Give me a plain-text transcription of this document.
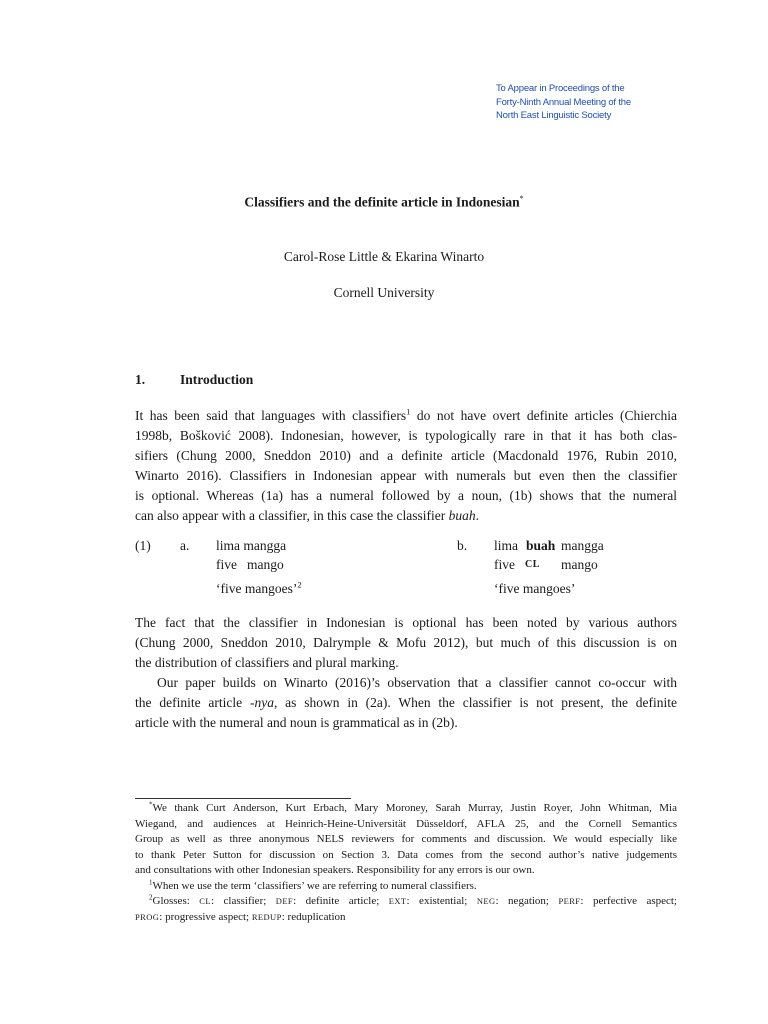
To Appear in Proceedings of the
Forty-Ninth Annual Meeting of the
North East Linguistic Society
Classifiers and the definite article in Indonesian*
Carol-Rose Little & Ekarina Winarto
Cornell University
1.	Introduction
It has been said that languages with classifiers$^1$ do not have overt definite articles (Chierchia
1998b, Bošković 2008). Indonesian, however, is typologically rare in that it has both clas-
sifiers (Chung 2000, Sneddon 2010) and a definite article (Macdonald 1976, Rubin 2010,
Winarto 2016). Classifiers in Indonesian appear with numerals but even then the classifier
is optional. Whereas (1a) has a numeral followed by a noun, (1b) shows that the numeral
can also appear with a classifier, in this case the classifier buah.
(1) a. lima mangga
five mango
‘five mangoes’$^2$
b. lima buah mangga
five CL mango
‘five mangoes’
The fact that the classifier in Indonesian is optional has been noted by various authors
(Chung 2000, Sneddon 2010, Dalrymple & Mofu 2012), but much of this discussion is on
the distribution of classifiers and plural marking.
Our paper builds on Winarto (2016)’s observation that a classifier cannot co-occur with
the definite article -nya, as shown in (2a). When the classifier is not present, the definite
article with the numeral and noun is grammatical as in (2b).
*We thank Curt Anderson, Kurt Erbach, Mary Moroney, Sarah Murray, Justin Royer, John Whitman, Mia
Wiegand, and audiences at Heinrich-Heine-Universität Düsseldorf, AFLA 25, and the Cornell Semantics
Group as well as three anonymous NELS reviewers for comments and discussion. We would especially like
to thank Peter Sutton for discussion on Section 3. Data comes from the second author’s native judgements
and consultations with other Indonesian speakers. Responsibility for any errors is our own.
$^1$When we use the term ‘classifiers’ we are referring to numeral classifiers.
$^2$Glosses: CL: classifier; DEF: definite article; EXT: existential; NEG: negation; PERF: perfective aspect;
PROG: progressive aspect; REDUP: reduplication
